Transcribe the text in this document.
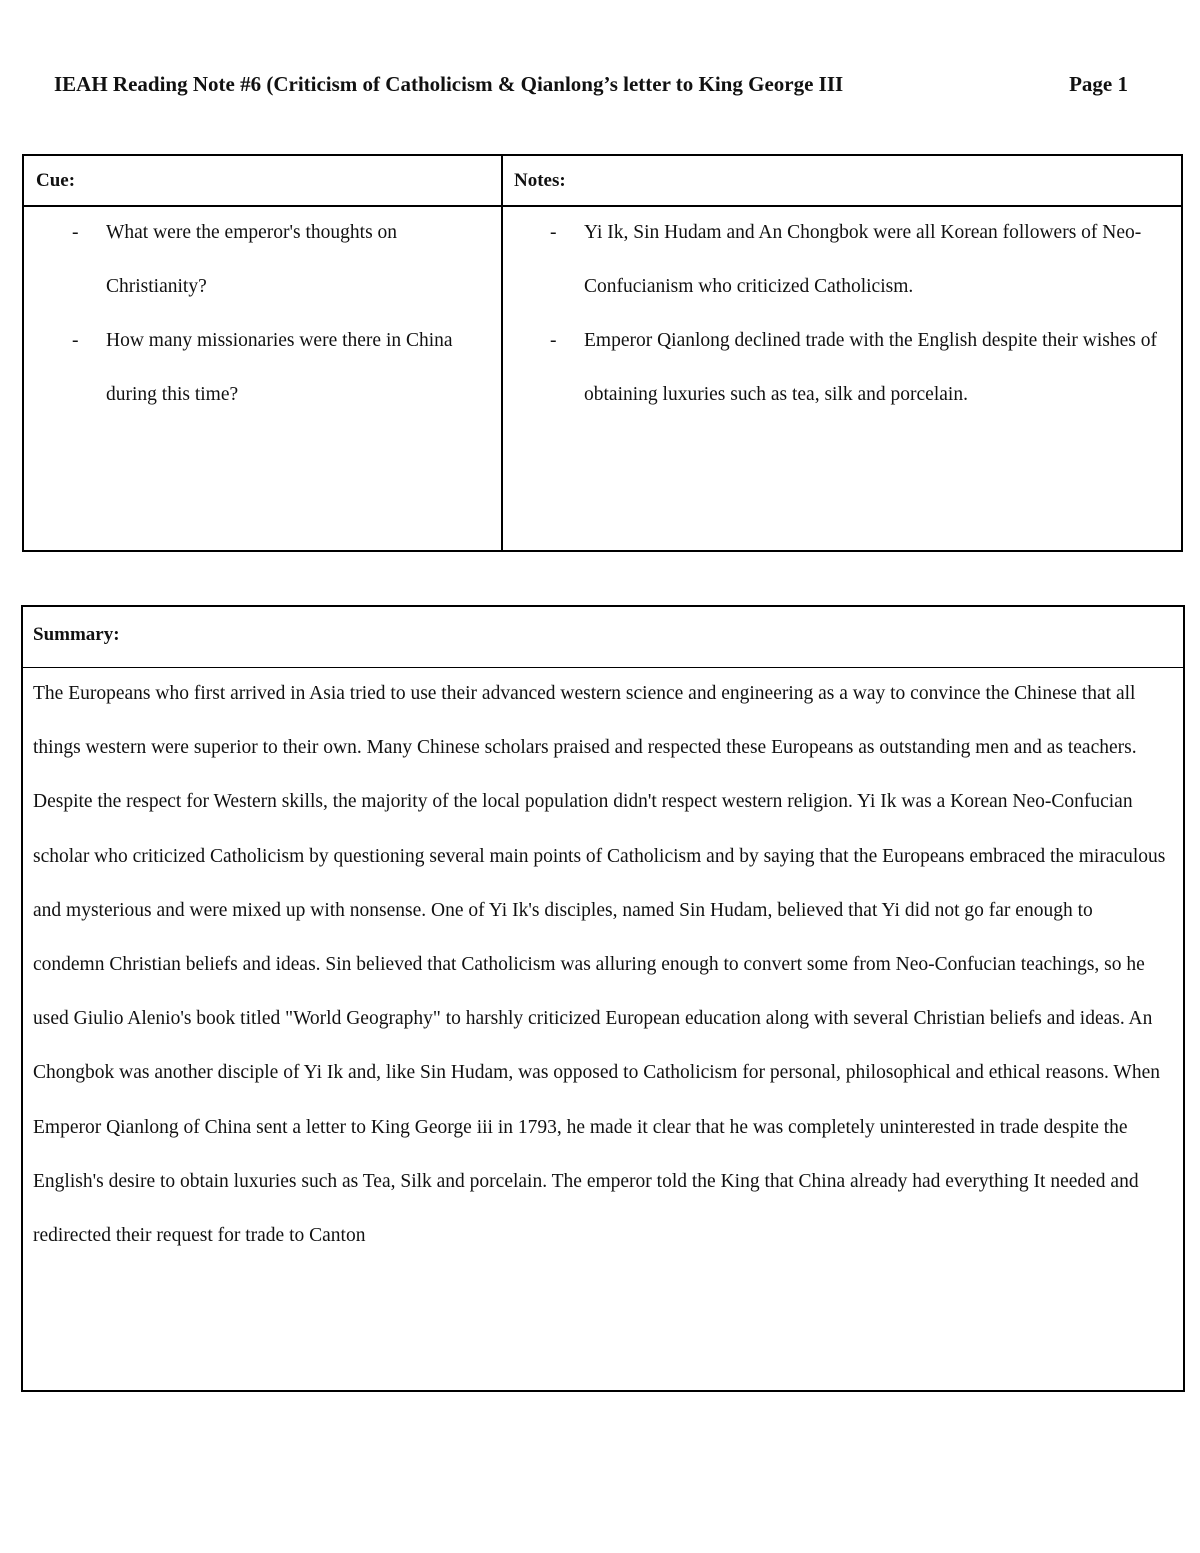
IEAH Reading Note #6 (Criticism of Catholicism & Qianlong’s letter to King George III	Page 1
Cue:	Notes:
- What were the emperor's thoughts on Christianity?
- How many missionaries were there in China during this time?
- Yi Ik, Sin Hudam and An Chongbok were all Korean followers of Neo-Confucianism who criticized Catholicism.
- Emperor Qianlong declined trade with the English despite their wishes of obtaining luxuries such as tea, silk and porcelain.
Summary:

The Europeans who first arrived in Asia tried to use their advanced western science and engineering as a way to convince the Chinese that all things western were superior to their own. Many Chinese scholars praised and respected these Europeans as outstanding men and as teachers. Despite the respect for Western skills, the majority of the local population didn't respect western religion. Yi Ik was a Korean Neo-Confucian scholar who criticized Catholicism by questioning several main points of Catholicism and by saying that the Europeans embraced the miraculous and mysterious and were mixed up with nonsense. One of Yi Ik's disciples, named Sin Hudam, believed that Yi did not go far enough to condemn Christian beliefs and ideas. Sin believed that Catholicism was alluring enough to convert some from Neo-Confucian teachings, so he used Giulio Alenio's book titled "World Geography" to harshly criticized European education along with several Christian beliefs and ideas. An Chongbok was another disciple of Yi Ik and, like Sin Hudam, was opposed to Catholicism for personal, philosophical and ethical reasons. When Emperor Qianlong of China sent a letter to King George iii in 1793, he made it clear that he was completely uninterested in trade despite the English's desire to obtain luxuries such as Tea, Silk and porcelain. The emperor told the King that China already had everything It needed and redirected their request for trade to Canton
